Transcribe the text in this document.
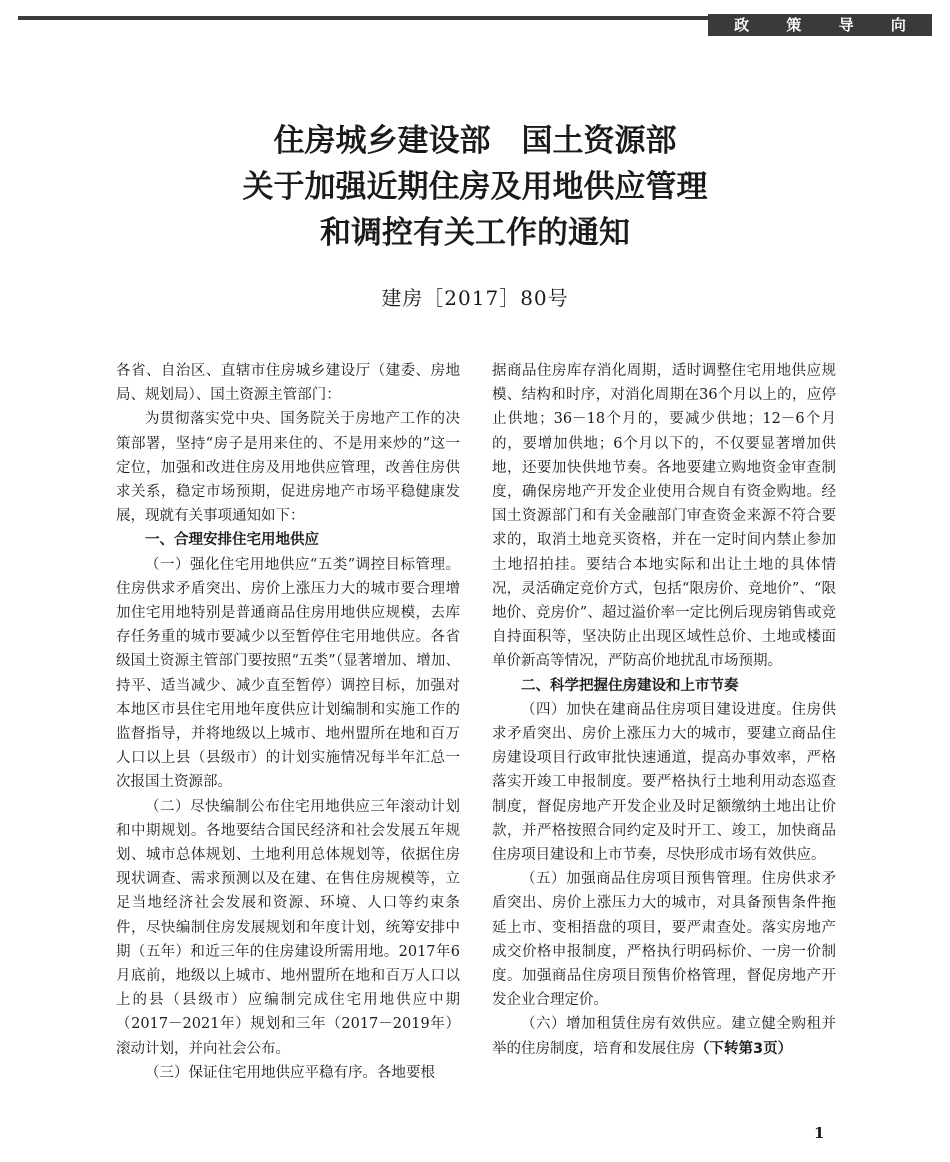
政 策 导 向
住房城乡建设部　国土资源部
关于加强近期住房及用地供应管理
和调控有关工作的通知
建房［2017］80号

各省、自治区、直辖市住房城乡建设厅（建委、房地局、规划局）、国土资源主管部门：

为贯彻落实党中央、国务院关于房地产工作的决策部署，坚持“房子是用来住的、不是用来炒的”这一定位，加强和改进住房及用地供应管理，改善住房供求关系，稳定市场预期，促进房地产市场平稳健康发展，现就有关事项通知如下：

一、合理安排住宅用地供应

（一）强化住宅用地供应“五类”调控目标管理。住房供求矛盾突出、房价上涨压力大的城市要合理增加住宅用地特别是普通商品住房用地供应规模，去库存任务重的城市要减少以至暂停住宅用地供应。各省级国土资源主管部门要按照“五类”（显著增加、增加、持平、适当减少、减少直至暂停）调控目标，加强对本地区市县住宅用地年度供应计划编制和实施工作的监督指导，并将地级以上城市、地州盟所在地和百万人口以上县（县级市）的计划实施情况每半年汇总一次报国土资源部。

（二）尽快编制公布住宅用地供应三年滚动计划和中期规划。各地要结合国民经济和社会发展五年规划、城市总体规划、土地利用总体规划等，依据住房现状调查、需求预测以及在建、在售住房规模等，立足当地经济社会发展和资源、环境、人口等约束条件，尽快编制住房发展规划和年度计划，统筹安排中期（五年）和近三年的住房建设所需用地。2017年6月底前，地级以上城市、地州盟所在地和百万人口以上的县（县级市）应编制完成住宅用地供应中期（2017－2021年）规划和三年（2017－2019年）滚动计划，并向社会公布。

（三）保证住宅用地供应平稳有序。各地要根

据商品住房库存消化周期，适时调整住宅用地供应规模、结构和时序，对消化周期在36个月以上的，应停止供地；36－18个月的，要减少供地；12－6个月的，要增加供地；6个月以下的，不仅要显著增加供地，还要加快供地节奏。各地要建立购地资金审查制度，确保房地产开发企业使用合规自有资金购地。经国土资源部门和有关金融部门审查资金来源不符合要求的，取消土地竞买资格，并在一定时间内禁止参加土地招拍挂。要结合本地实际和出让土地的具体情况，灵活确定竞价方式，包括“限房价、竞地价”、“限地价、竞房价”、超过溢价率一定比例后现房销售或竞自持面积等，坚决防止出现区域性总价、土地或楼面单价新高等情况，严防高价地扰乱市场预期。

二、科学把握住房建设和上市节奏

（四）加快在建商品住房项目建设进度。住房供求矛盾突出、房价上涨压力大的城市，要建立商品住房建设项目行政审批快速通道，提高办事效率，严格落实开竣工申报制度。要严格执行土地利用动态巡查制度，督促房地产开发企业及时足额缴纳土地出让价款，并严格按照合同约定及时开工、竣工，加快商品住房项目建设和上市节奏，尽快形成市场有效供应。

（五）加强商品住房项目预售管理。住房供求矛盾突出、房价上涨压力大的城市，对具备预售条件拖延上市、变相捂盘的项目，要严肃查处。落实房地产成交价格申报制度，严格执行明码标价、一房一价制度。加强商品住房项目预售价格管理，督促房地产开发企业合理定价。

（六）增加租赁住房有效供应。建立健全购租并举的住房制度，培育和发展住房（下转第3页）

1
